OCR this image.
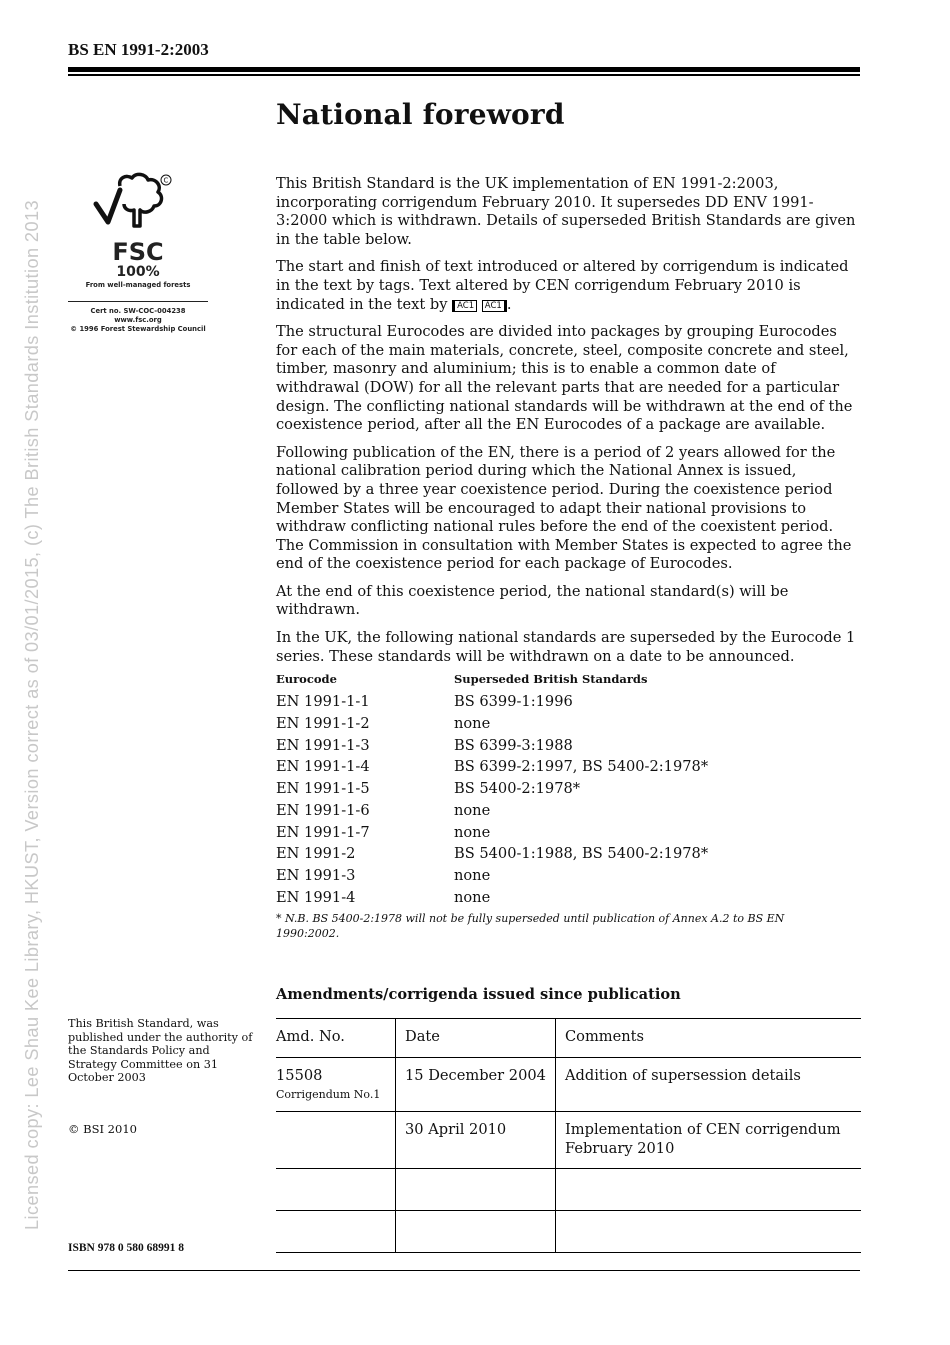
Licensed copy: Lee Shau Kee Library, HKUST, Version correct as of 03/01/2015, (c) The British Standards Institution 2013
BS EN 1991-2:2003
National foreword
C
FSC
100%
From well-managed forests
Cert no. SW-COC-004238
www.fsc.org
© 1996 Forest Stewardship Council

This British Standard is the UK implementation of EN 1991-2:2003, incorporating corrigendum February 2010. It supersedes DD ENV 1991-3:2000 which is withdrawn. Details of superseded British Standards are given in the table below.

The start and finish of text introduced or altered by corrigendum is indicated in the text by tags. Text altered by CEN corrigendum February 2010 is indicated in the text by AC1 AC1 .

The structural Eurocodes are divided into packages by grouping Eurocodes for each of the main materials, concrete, steel, composite concrete and steel, timber, masonry and aluminium; this is to enable a common date of withdrawal (DOW) for all the relevant parts that are needed for a particular design. The conflicting national standards will be withdrawn at the end of the coexistence period, after all the EN Eurocodes of a package are available.

Following publication of the EN, there is a period of 2 years allowed for the national calibration period during which the National Annex is issued, followed by a three year coexistence period. During the coexistence period Member States will be encouraged to adapt their national provisions to withdraw conflicting national rules before the end of the coexistent period. The Commission in consultation with Member States is expected to agree the end of the coexistence period for each package of Eurocodes.

At the end of this coexistence period, the national standard(s) will be withdrawn.

In the UK, the following national standards are superseded by the Eurocode 1 series. These standards will be withdrawn on a date to be announced.

Eurocode	Superseded British Standards
EN 1991-1-1	BS 6399-1:1996
EN 1991-1-2	none
EN 1991-1-3	BS 6399-3:1988
EN 1991-1-4	BS 6399-2:1997, BS 5400-2:1978*
EN 1991-1-5	BS 5400-2:1978*
EN 1991-1-6	none
EN 1991-1-7	none
EN 1991-2	BS 5400-1:1988, BS 5400-2:1978*
EN 1991-3	none
EN 1991-4	none
* N.B. BS 5400-2:1978 will not be fully superseded until publication of Annex A.2 to BS EN 1990:2002.
Amendments/corrigenda issued since publication
Amd. No.	Date	Comments

15508
Corrigendum No.1	15 December 2004	Addition of supersession details
	30 April 2010	Implementation of CEN corrigendum February 2010

This British Standard, was published under the authority of the Standards Policy and Strategy Committee on 31 October 2003
© BSI 2010
ISBN 978 0 580 68991 8
